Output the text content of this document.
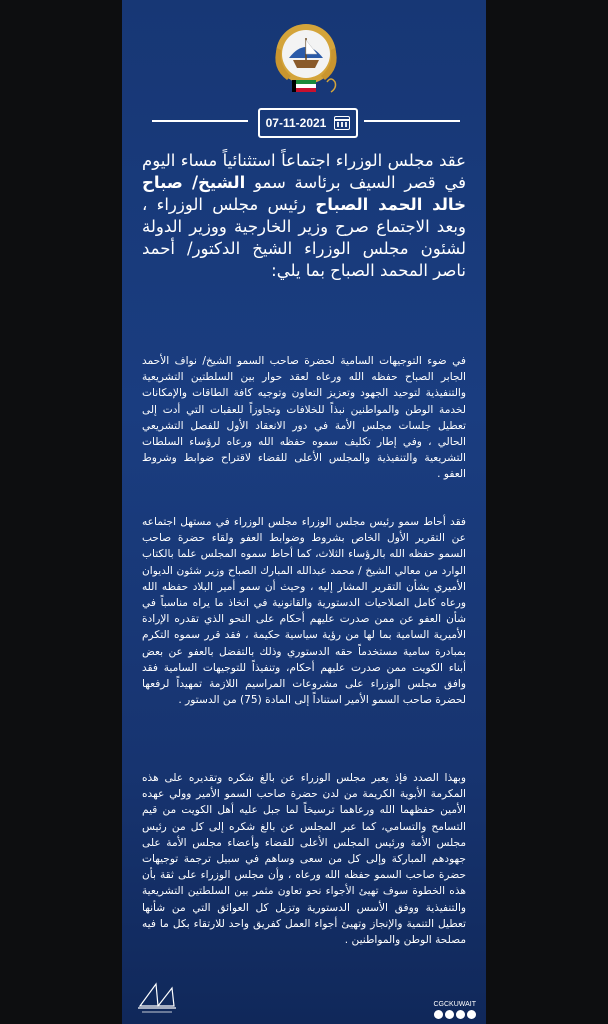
07-11-2021
عقد مجلس الوزراء اجتماعاً استثنائياً مساء اليوم في قصر السيف برئاسة سمو الشيخ/ صباح خالد الحمد الصباح رئيس مجلس الوزراء ، وبعد الاجتماع صرح وزير الخارجية ووزير الدولة لشئون مجلس الوزراء الشيخ الدكتور/ أحمد ناصر المحمد الصباح بما يلي:
في ضوء التوجيهات السامية لحضرة صاحب السمو الشيخ/ نواف الأحمد الجابر الصباح حفظه الله ورعاه لعقد حوار بين السلطتين التشريعية والتنفيذية لتوحيد الجهود وتعزيز التعاون وتوجيه كافة الطاقات والإمكانات لخدمة الوطن والمواطنين نبذاً للخلافات وتجاوزاً للعقبات التي أدت إلى تعطيل جلسات مجلس الأمة في دور الانعقاد الأول للفصل التشريعي الحالي ، وفي إطار تكليف سموه حفظه الله ورعاه لرؤساء السلطات التشريعية والتنفيذية والمجلس الأعلى للقضاء لاقتراح ضوابط وشروط العفو .
فقد أحاط سمو رئيس مجلس الوزراء مجلس الوزراء في مستهل اجتماعه عن التقرير الأول الخاص بشروط وضوابط العفو ولقاء حضرة صاحب السمو حفظه الله بالرؤساء الثلاث، كما أحاط سموه المجلس علما بالكتاب الوارد من معالي الشيخ / محمد عبدالله المبارك الصباح وزير شئون الديوان الأميري بشأن التقرير المشار إليه ، وحيث أن سمو أمير البلاد حفظه الله ورعاه كامل الصلاحيات الدستورية والقانونية في اتخاذ ما يراه مناسباً في شأن العفو عن ممن صدرت عليهم أحكام على النحو الذي تقدره الإرادة الأميرية السامية بما لها من رؤية سياسية حكيمة ، فقد قرر سموه التكرم بمبادرة سامية مستخدماً حقه الدستوري وذلك بالتفضل بالعفو عن بعض أبناء الكويت ممن صدرت عليهم أحكام، وتنفيذاً للتوجيهات السامية فقد وافق مجلس الوزراء على مشروعات المراسيم اللازمة تمهيداً لرفعها لحضرة صاحب السمو الأمير استناداً إلى المادة (75) من الدستور .
وبهذا الصدد فإذ يعبر مجلس الوزراء عن بالغ شكره وتقديره على هذه المكرمة الأبوية الكريمة من لدن حضرة صاحب السمو الأمير وولي عهده الأمين حفظهما الله ورعاهما ترسيخاً لما جبل عليه أهل الكويت من قيم التسامح والتسامي، كما عبر المجلس عن بالغ شكره إلى كل من رئيس مجلس الأمة ورئيس المجلس الأعلى للقضاء وأعضاء مجلس الأمة على جهودهم المباركة وإلى كل من سعى وساهم في سبيل ترجمة توجيهات حضرة صاحب السمو حفظه الله ورعاه ، وأن مجلس الوزراء على ثقة بأن هذه الخطوة سوف تهيئ الأجواء نحو تعاون مثمر بين السلطتين التشريعية والتنفيذية ووفق الأسس الدستورية وتزيل كل العوائق التي من شأنها تعطيل التنمية والإنجاز وتهيئ أجواء العمل كفريق واحد للارتقاء بكل ما فيه مصلحة الوطن والمواطنين .
CGCKUWAIT
